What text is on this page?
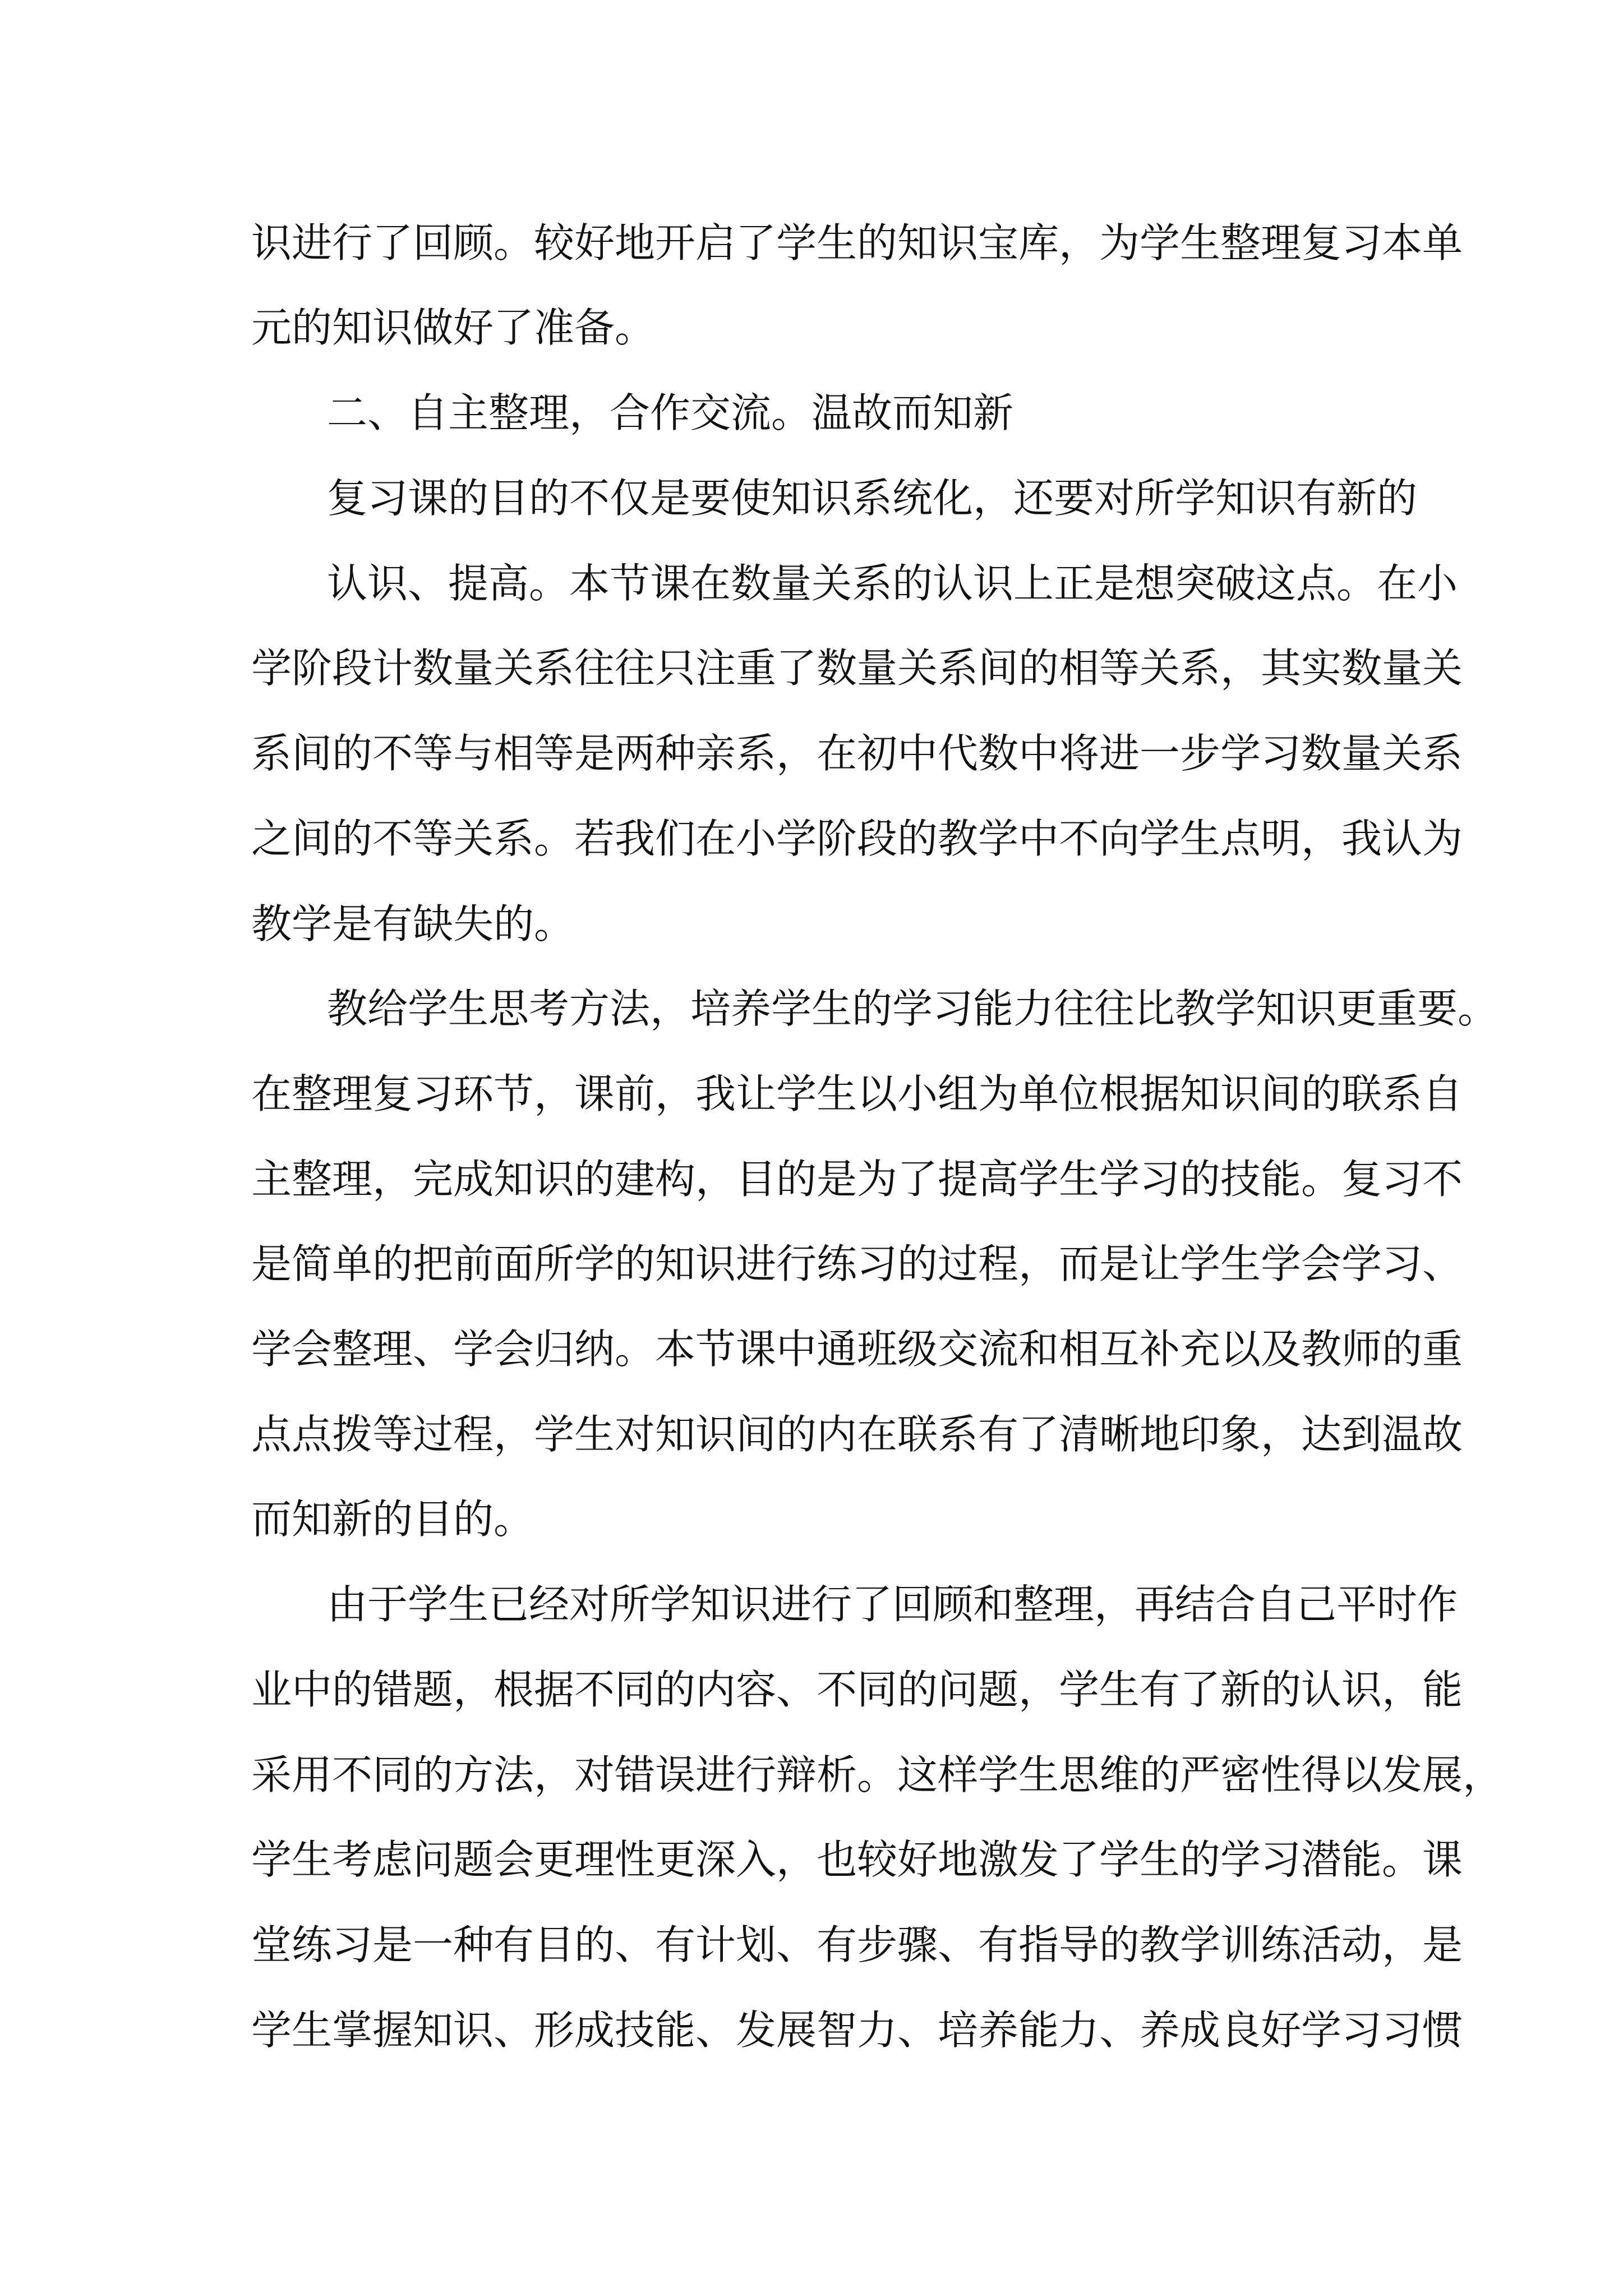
识进行了回顾。较好地开启了学生的知识宝库，为学生整理复习本单

元的知识做好了准备。

二、自主整理，合作交流。温故而知新

复习课的目的不仅是要使知识系统化，还要对所学知识有新的

认识、提高。本节课在数量关系的认识上正是想突破这点。在小

学阶段计数量关系往往只注重了数量关系间的相等关系，其实数量关

系间的不等与相等是两种亲系，在初中代数中将进一步学习数量关系

之间的不等关系。若我们在小学阶段的教学中不向学生点明，我认为

教学是有缺失的。

教给学生思考方法，培养学生的学习能力往往比教学知识更重要。

在整理复习环节，课前，我让学生以小组为单位根据知识间的联系自

主整理，完成知识的建构，目的是为了提高学生学习的技能。复习不

是简单的把前面所学的知识进行练习的过程，而是让学生学会学习、

学会整理、学会归纳。本节课中通班级交流和相互补充以及教师的重

点点拨等过程，学生对知识间的内在联系有了清晰地印象，达到温故

而知新的目的。

由于学生已经对所学知识进行了回顾和整理，再结合自己平时作

业中的错题，根据不同的内容、不同的问题，学生有了新的认识，能

采用不同的方法，对错误进行辩析。这样学生思维的严密性得以发展，

学生考虑问题会更理性更深入，也较好地激发了学生的学习潜能。课

堂练习是一种有目的、有计划、有步骤、有指导的教学训练活动，是

学生掌握知识、形成技能、发展智力、培养能力、养成良好学习习惯
